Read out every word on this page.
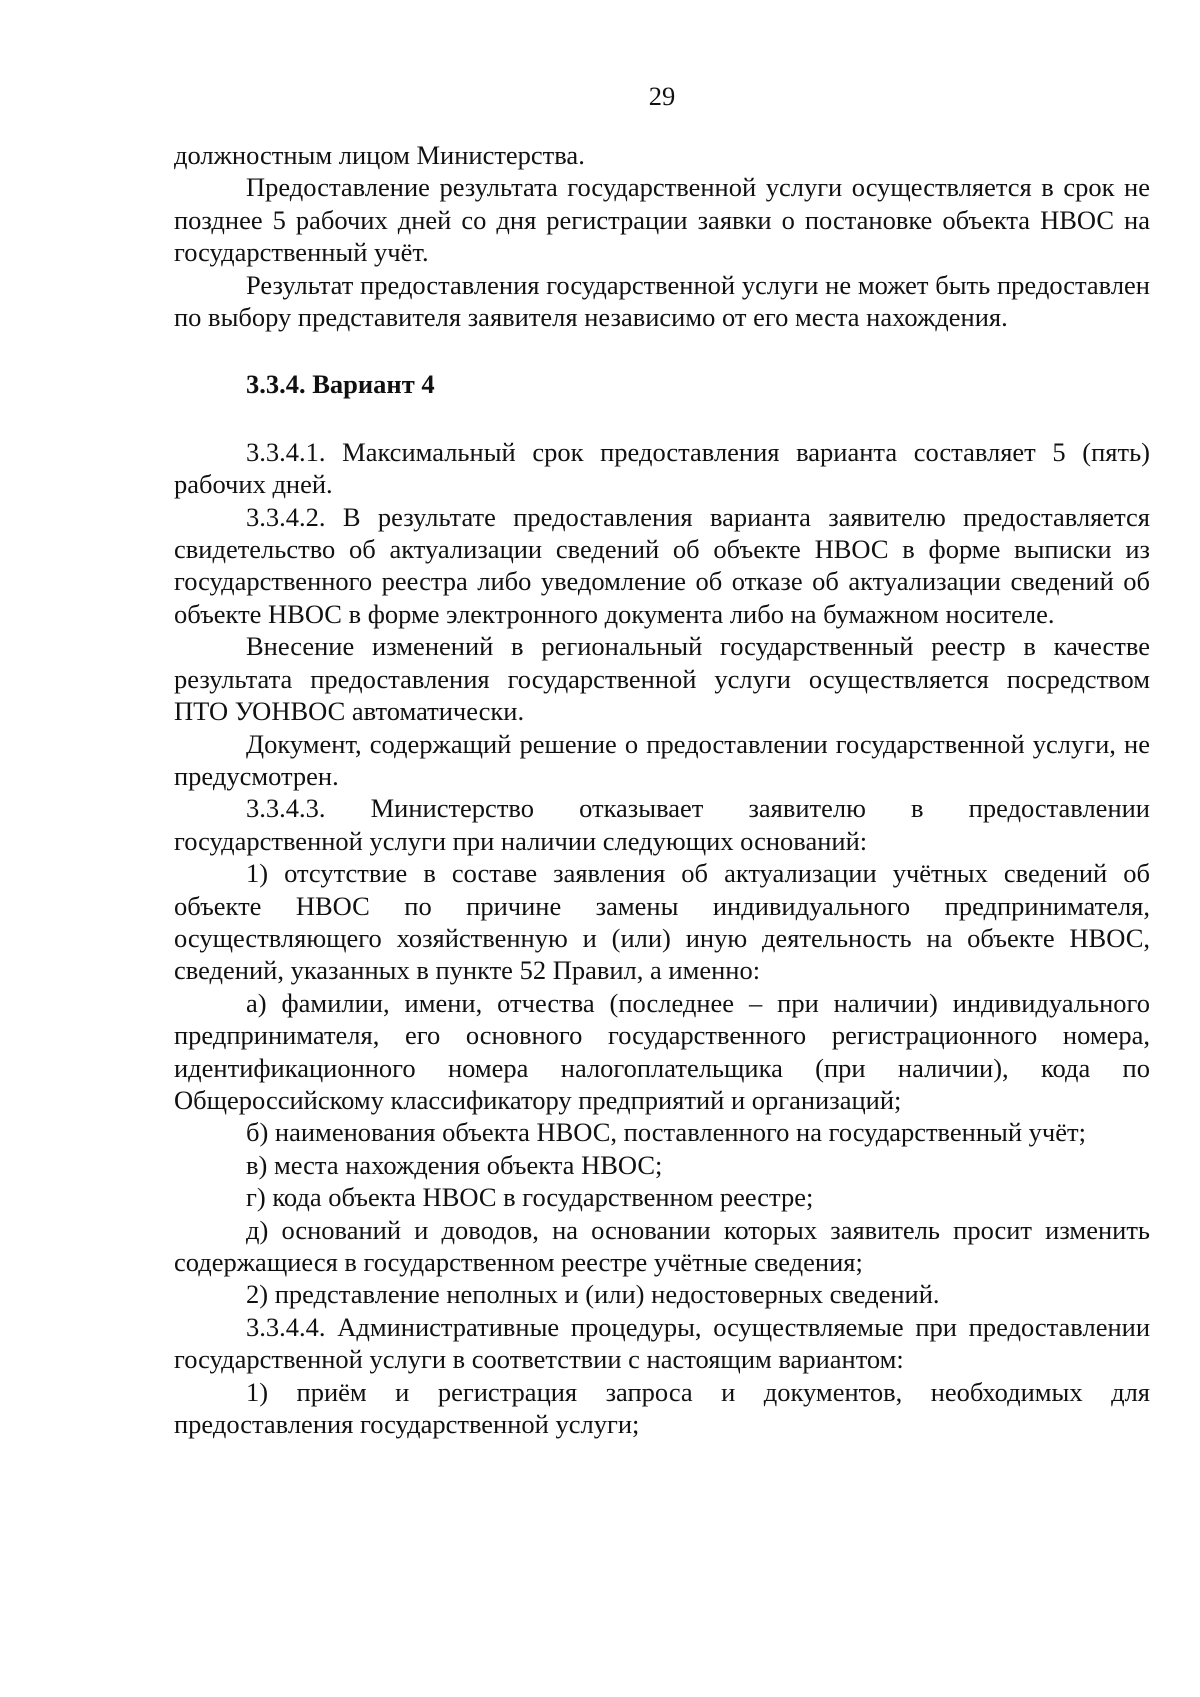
29

должностным лицом Министерства.

Предоставление результата государственной услуги осуществляется в срок не позднее 5 рабочих дней со дня регистрации заявки о постановке объекта НВОС на государственный учёт.

Результат предоставления государственной услуги не может быть предоставлен по выбору представителя заявителя независимо от его места нахождения.

3.3.4. Вариант 4

3.3.4.1. Максимальный срок предоставления варианта составляет 5 (пять) рабочих дней.

3.3.4.2. В результате предоставления варианта заявителю предоставляется свидетельство об актуализации сведений об объекте НВОС в форме выписки из государственного реестра либо уведомление об отказе об актуализации сведений об объекте НВОС в форме электронного документа либо на бумажном носителе.

Внесение изменений в региональный государственный реестр в качестве результата предоставления государственной услуги осуществляется посредством ПТО УОНВОС автоматически.

Документ, содержащий решение о предоставлении государственной услуги, не предусмотрен.

3.3.4.3. Министерство отказывает заявителю в предоставлении государственной услуги при наличии следующих оснований:

1) отсутствие в составе заявления об актуализации учётных сведений об объекте НВОС по причине замены индивидуального предпринимателя, осуществляющего хозяйственную и (или) иную деятельность на объекте НВОС, сведений, указанных в пункте 52 Правил, а именно:

а) фамилии, имени, отчества (последнее – при наличии) индивидуального предпринимателя, его основного государственного регистрационного номера, идентификационного номера налогоплательщика (при наличии), кода по Общероссийскому классификатору предприятий и организаций;

б) наименования объекта НВОС, поставленного на государственный учёт;

в) места нахождения объекта НВОС;

г) кода объекта НВОС в государственном реестре;

д) оснований и доводов, на основании которых заявитель просит изменить содержащиеся в государственном реестре учётные сведения;

2) представление неполных и (или) недостоверных сведений.

3.3.4.4. Административные процедуры, осуществляемые при предоставлении государственной услуги в соответствии с настоящим вариантом:

1) приём и регистрация запроса и документов, необходимых для предоставления государственной услуги;
